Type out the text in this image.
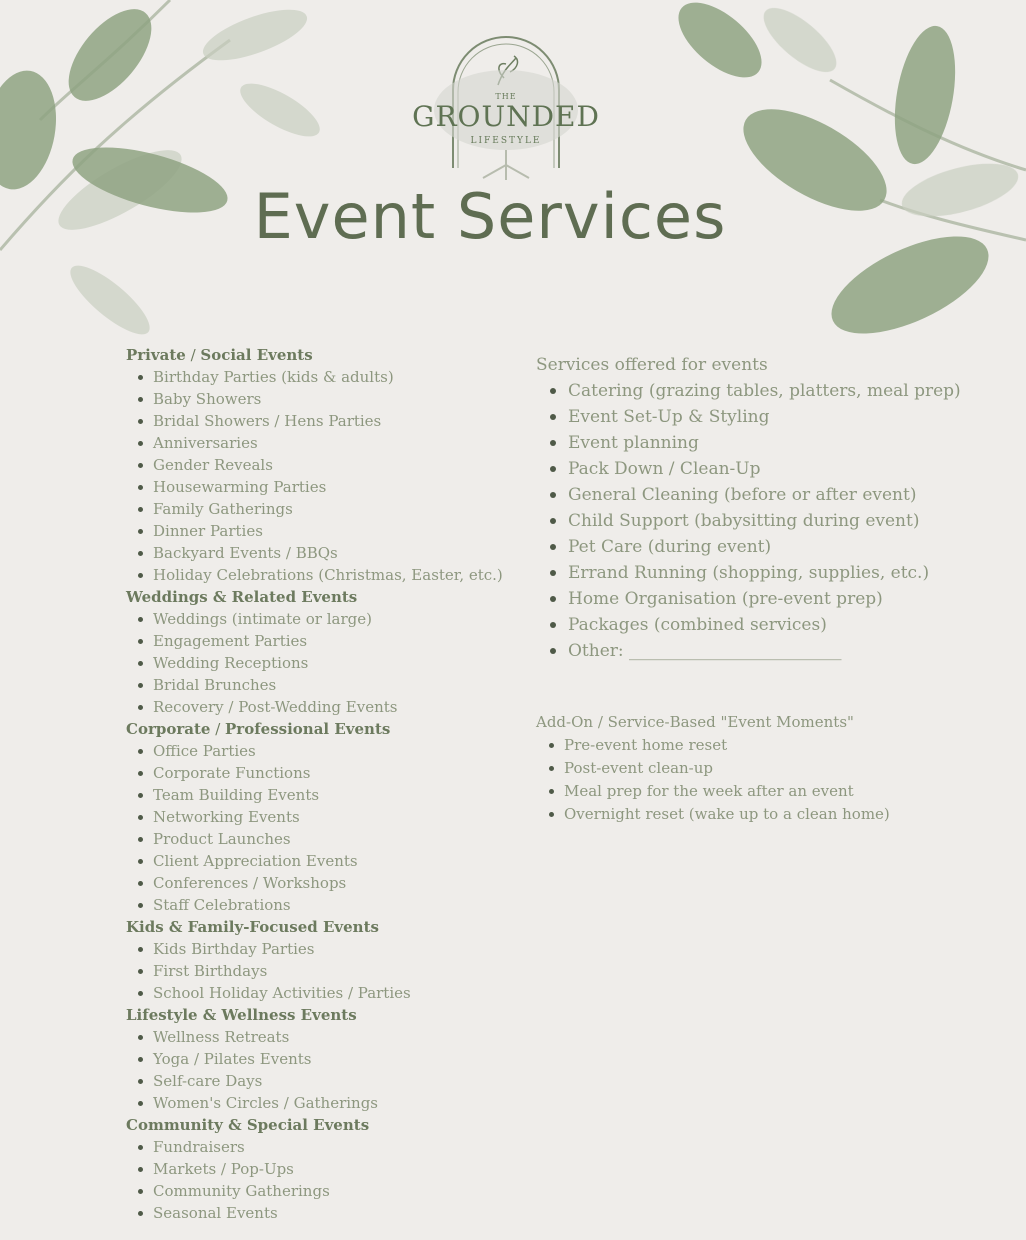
THE
GROUNDED
LIFESTYLE
Event Services
Private / Social Events
Birthday Parties (kids & adults)
Baby Showers
Bridal Showers / Hens Parties
Anniversaries
Gender Reveals
Housewarming Parties
Family Gatherings
Dinner Parties
Backyard Events / BBQs
Holiday Celebrations (Christmas, Easter, etc.)
Weddings & Related Events
Weddings (intimate or large)
Engagement Parties
Wedding Receptions
Bridal Brunches
Recovery / Post-Wedding Events
Corporate / Professional Events
Office Parties
Corporate Functions
Team Building Events
Networking Events
Product Launches
Client Appreciation Events
Conferences / Workshops
Staff Celebrations
Kids & Family-Focused Events
Kids Birthday Parties
First Birthdays
School Holiday Activities / Parties
Lifestyle & Wellness Events
Wellness Retreats
Yoga / Pilates Events
Self-care Days
Women's Circles / Gatherings
Community & Special Events
Fundraisers
Markets / Pop-Ups
Community Gatherings
Seasonal Events
Services offered for events
Catering (grazing tables, platters, meal prep)
Event Set-Up & Styling
Event planning
Pack Down / Clean-Up
General Cleaning (before or after event)
Child Support (babysitting during event)
Pet Care (during event)
Errand Running (shopping, supplies, etc.)
Home Organisation (pre-event prep)
Packages (combined services)
Other: _________________________
Add-On / Service-Based "Event Moments"
Pre-event home reset
Post-event clean-up
Meal prep for the week after an event
Overnight reset (wake up to a clean home)
